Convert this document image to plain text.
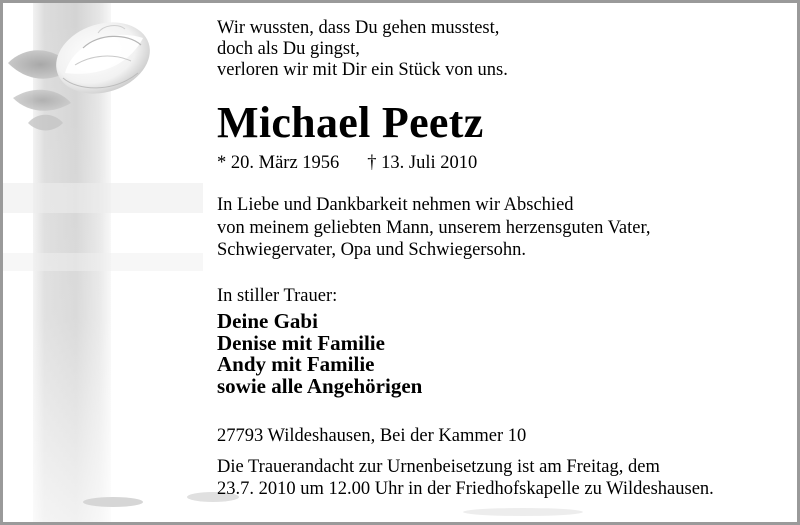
Wir wussten, dass Du gehen musstest,
doch als Du gingst,
verloren wir mit Dir ein Stück von uns.
Michael Peetz
* 20. März 1956 † 13. Juli 2010
In Liebe und Dankbarkeit nehmen wir Abschied
von meinem geliebten Mann, unserem herzensguten Vater,
Schwiegervater, Opa und Schwiegersohn.
In stiller Trauer:
Deine Gabi
Denise mit Familie
Andy mit Familie
sowie alle Angehörigen
27793 Wildeshausen, Bei der Kammer 10
Die Trauerandacht zur Urnenbeisetzung ist am Freitag, dem
23.7. 2010 um 12.00 Uhr in der Friedhofskapelle zu Wildeshausen.
